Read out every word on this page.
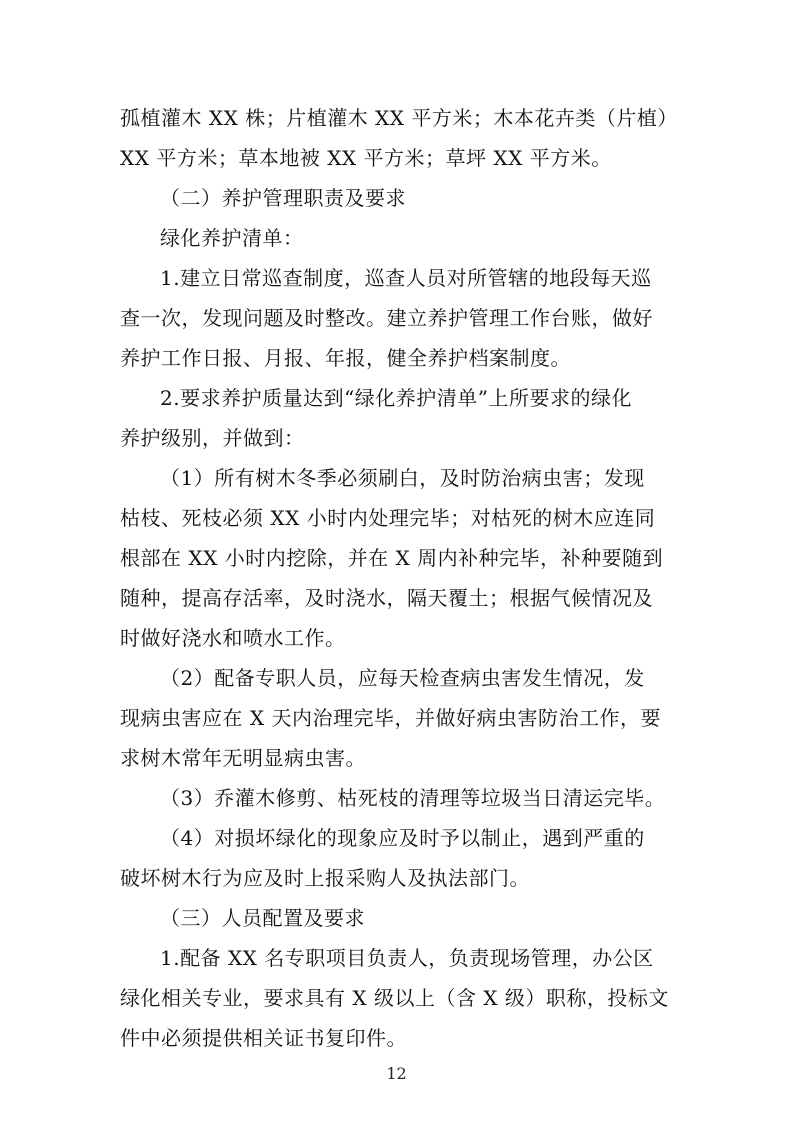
孤植灌木 XX 株；片植灌木 XX 平方米；木本花卉类（片植）
XX 平方米；草本地被 XX 平方米；草坪 XX 平方米。
（二）养护管理职责及要求
绿化养护清单：
1.建立日常巡查制度，巡查人员对所管辖的地段每天巡
查一次，发现问题及时整改。建立养护管理工作台账，做好
养护工作日报、月报、年报，健全养护档案制度。
2.要求养护质量达到“绿化养护清单”上所要求的绿化
养护级别，并做到：
（1）所有树木冬季必须刷白，及时防治病虫害；发现
枯枝、死枝必须 XX 小时内处理完毕；对枯死的树木应连同
根部在 XX 小时内挖除，并在 X 周内补种完毕，补种要随到
随种，提高存活率，及时浇水，隔天覆土；根据气候情况及
时做好浇水和喷水工作。
（2）配备专职人员，应每天检查病虫害发生情况，发
现病虫害应在 X 天内治理完毕，并做好病虫害防治工作，要
求树木常年无明显病虫害。
（3）乔灌木修剪、枯死枝的清理等垃圾当日清运完毕。
（4）对损坏绿化的现象应及时予以制止，遇到严重的
破坏树木行为应及时上报采购人及执法部门。
（三）人员配置及要求
1.配备 XX 名专职项目负责人，负责现场管理，办公区
绿化相关专业，要求具有 X 级以上（含 X 级）职称，投标文
件中必须提供相关证书复印件。
12
